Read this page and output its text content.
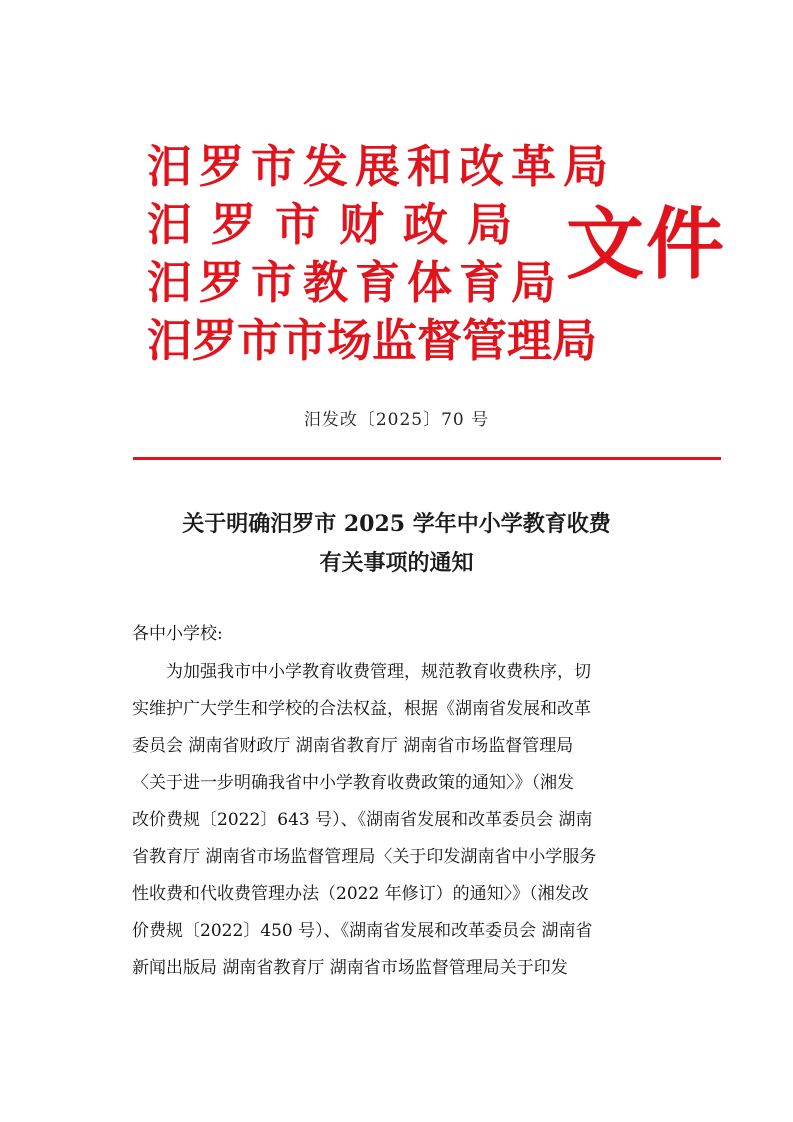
汨罗市发展和改革局
汨罗市财政局
汨罗市教育体育局
汨罗市市场监督管理局
文件
汨发改〔2025〕70 号
关于明确汨罗市 2025 学年中小学教育收费
有关事项的通知
各中小学校:
为加强我市中小学教育收费管理，规范教育收费秩序，切
实维护广大学生和学校的合法权益，根据《湖南省发展和改革
委员会 湖南省财政厅 湖南省教育厅 湖南省市场监督管理局
〈关于进一步明确我省中小学教育收费政策的通知〉》（湘发
改价费规〔2022〕643 号）、《湖南省发展和改革委员会 湖南
省教育厅 湖南省市场监督管理局〈关于印发湖南省中小学服务
性收费和代收费管理办法（2022 年修订）的通知〉》（湘发改
价费规〔2022〕450 号）、《湖南省发展和改革委员会 湖南省
新闻出版局 湖南省教育厅 湖南省市场监督管理局关于印发
